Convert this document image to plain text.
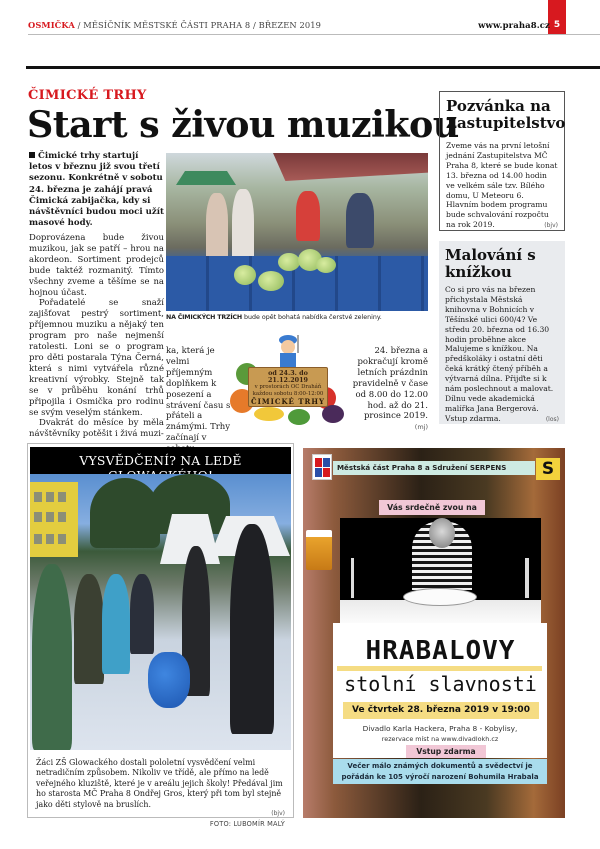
5
OSMIČKA / MĚSÍČNÍK MĚSTSKÉ ČÁSTI PRAHA 8 / BŘEZEN 2019	www.praha8.cz
ČIMICKÉ TRHY
Start s živou muzikou
Čimické trhy startují letos v březnu již svou třetí sezonu. Konkrétně v sobotu 24. března je zahájí pravá Čimická zabijačka, kdy si návštěvníci budou moci užít masové hody.

Doprovázena bude živou muzikou, jak se patří – hrou na akordeon. Sortiment prodejců bude taktéž rozmanitý. Tímto všechny zveme a těšíme se na hojnou účast.

Pořadatelé se snaží zajišťovat pestrý sortiment, příjemnou muziku a nějaký ten program pro naše nejmenší ratolesti. Loni se o program pro děti postarala Týna Černá, která s nimi vytvářela různé kreativní výrobky. Stejně tak se v průběhu konání trhů připojila i Osmička pro rodinu se svým veselým stánkem.

Dvakrát do měsíce by měla návštěvníky potěšit i živá muzi-

NA ČIMICKÝCH TRZÍCH bude opět bohatá nabídka čerstvé zeleniny.
ka, která je velmi příjemným doplňkem k posezení a strávení času s přáteli a známými. Trhy začínají v
od 24.3. do 21.12.2019
v prostorách OC Draháň
každou sobotu 8:00-12:00
ČIMICKÉ TRHY
24. března a pokračují kromě letních prázdnin pravidelně v čase od 8.00 do 12.00 hod. až do 21. prosince 2019.(mj)
Pozvánka na Zastupitelstvo
Zveme vás na první letošní jednání Zastupitelstva MČ Praha 8, které se bude konat 13. března od 14.00 hodin ve velkém sále tzv. Bílého domu, U Meteoru 6. Hlavním bodem programu bude schvalování rozpočtu na rok 2019.	(bjv)
Malování s knížkou
Co si pro vás na březen přichystala Městská knihovna v Bohnicích v Těšínské ulici 600/4? Ve středu 20. března od 16.30 hodin proběhne akce Malujeme s knížkou. Na předškoláky i ostatní děti čeká krátký čtený příběh a výtvarná dílna. Přijďte si k nám poslechnout a malovat. Dílnu vede akademická malířka Jana Bergerová. Vstup zdarma.	(los)
VYSVĚDČENÍ? NA LEDĚ
Žáci ZŠ Glowackého dostali pololetní vysvědčení velmi netradičním způsobem. Nikoliv ve třídě, ale přímo na ledě veřejného kluziště, které je v areálu jejich školy! Předával jim ho starosta MČ Praha 8 Ondřej Gros, který při tom byl stejně jako děti stylově na bruslích.
(bjv)
FOTO: LUBOMÍR MALÝ
Městská část Praha 8 a Sdružení SERPENS	S
Vás srdečně zvou na
HRABALOVY
stolní slavnosti
Ve čtvrtek 28. března 2019 v 19:00
Divadlo Karla Hackera, Praha 8 - Kobylisy,
rezervace míst na www.divadlokh.cz
Vstup zdarma
Večer málo známých dokumentů a svědectví je pořádán ke 105 výročí narození Bohumila Hrabala
